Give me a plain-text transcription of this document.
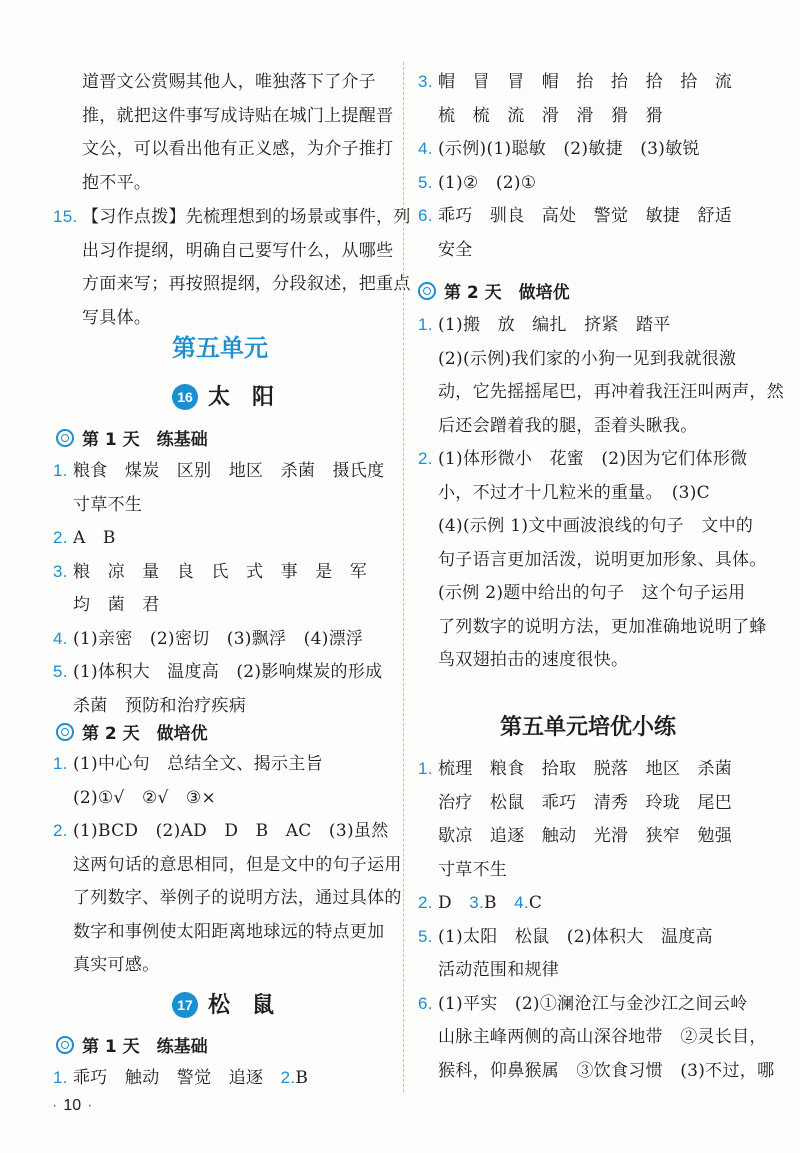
道晋文公赏赐其他人，唯独落下了介子
推，就把这件事写成诗贴在城门上提醒晋
文公，可以看出他有正义感，为介子推打
抱不平。
15. 【习作点拨】先梳理想到的场景或事件，列
出习作提纲，明确自己要写什么，从哪些
方面来写；再按照提纲，分段叙述，把重点
写具体。
第五单元
16 太　阳
第 1 天　练基础
1. 粮食　煤炭　区别　地区　杀菌　摄氏度
寸草不生
2. A　B
3. 粮　凉　量　良　氏　式　事　是　军
均　菌　君
4. (1)亲密　(2)密切　(3)飘浮　(4)漂浮
5. (1)体积大　温度高　(2)影响煤炭的形成
杀菌　预防和治疗疾病
第 2 天　做培优
1. (1)中心句　总结全文、揭示主旨
(2)①√　②√　③×
2. (1)BCD　(2)AD　D　B　AC　(3)虽然
这两句话的意思相同，但是文中的句子运用
了列数字、举例子的说明方法，通过具体的
数字和事例使太阳距离地球远的特点更加
真实可感。
17 松　鼠
第 1 天　练基础
1. 乖巧　触动　警觉　追逐　2.B
3. 帽　冒　冒　帽　抬　抬　拾　拾　流
梳　梳　流　滑　滑　猾　猾
4. (示例)(1)聪敏　(2)敏捷　(3)敏锐
5. (1)②　(2)①
6. 乖巧　驯良　高处　警觉　敏捷　舒适
安全
第 2 天　做培优
1. (1)搬　放　编扎　挤紧　踏平
(2)(示例)我们家的小狗一见到我就很激
动，它先摇摇尾巴，再冲着我汪汪叫两声，然
后还会蹭着我的腿，歪着头瞅我。
2. (1)体形微小　花蜜　(2)因为它们体形微
小，不过才十几粒米的重量。　(3)C
(4)(示例 1)文中画波浪线的句子　文中的
句子语言更加活泼，说明更加形象、具体。
(示例 2)题中给出的句子　这个句子运用
了列数字的说明方法，更加准确地说明了蜂
鸟双翅拍击的速度很快。
第五单元培优小练
1. 梳理　粮食　拾取　脱落　地区　杀菌
治疗　松鼠　乖巧　清秀　玲珑　尾巴
歇凉　追逐　触动　光滑　狭窄　勉强
寸草不生
2. D　3.B　4.C
5. (1)太阳　松鼠　(2)体积大　温度高
活动范围和规律
6. (1)平实　(2)①澜沧江与金沙江之间云岭
山脉主峰两侧的高山深谷地带　②灵长目，
猴科，仰鼻猴属　③饮食习惯　(3)不过，哪
· 10 ·
